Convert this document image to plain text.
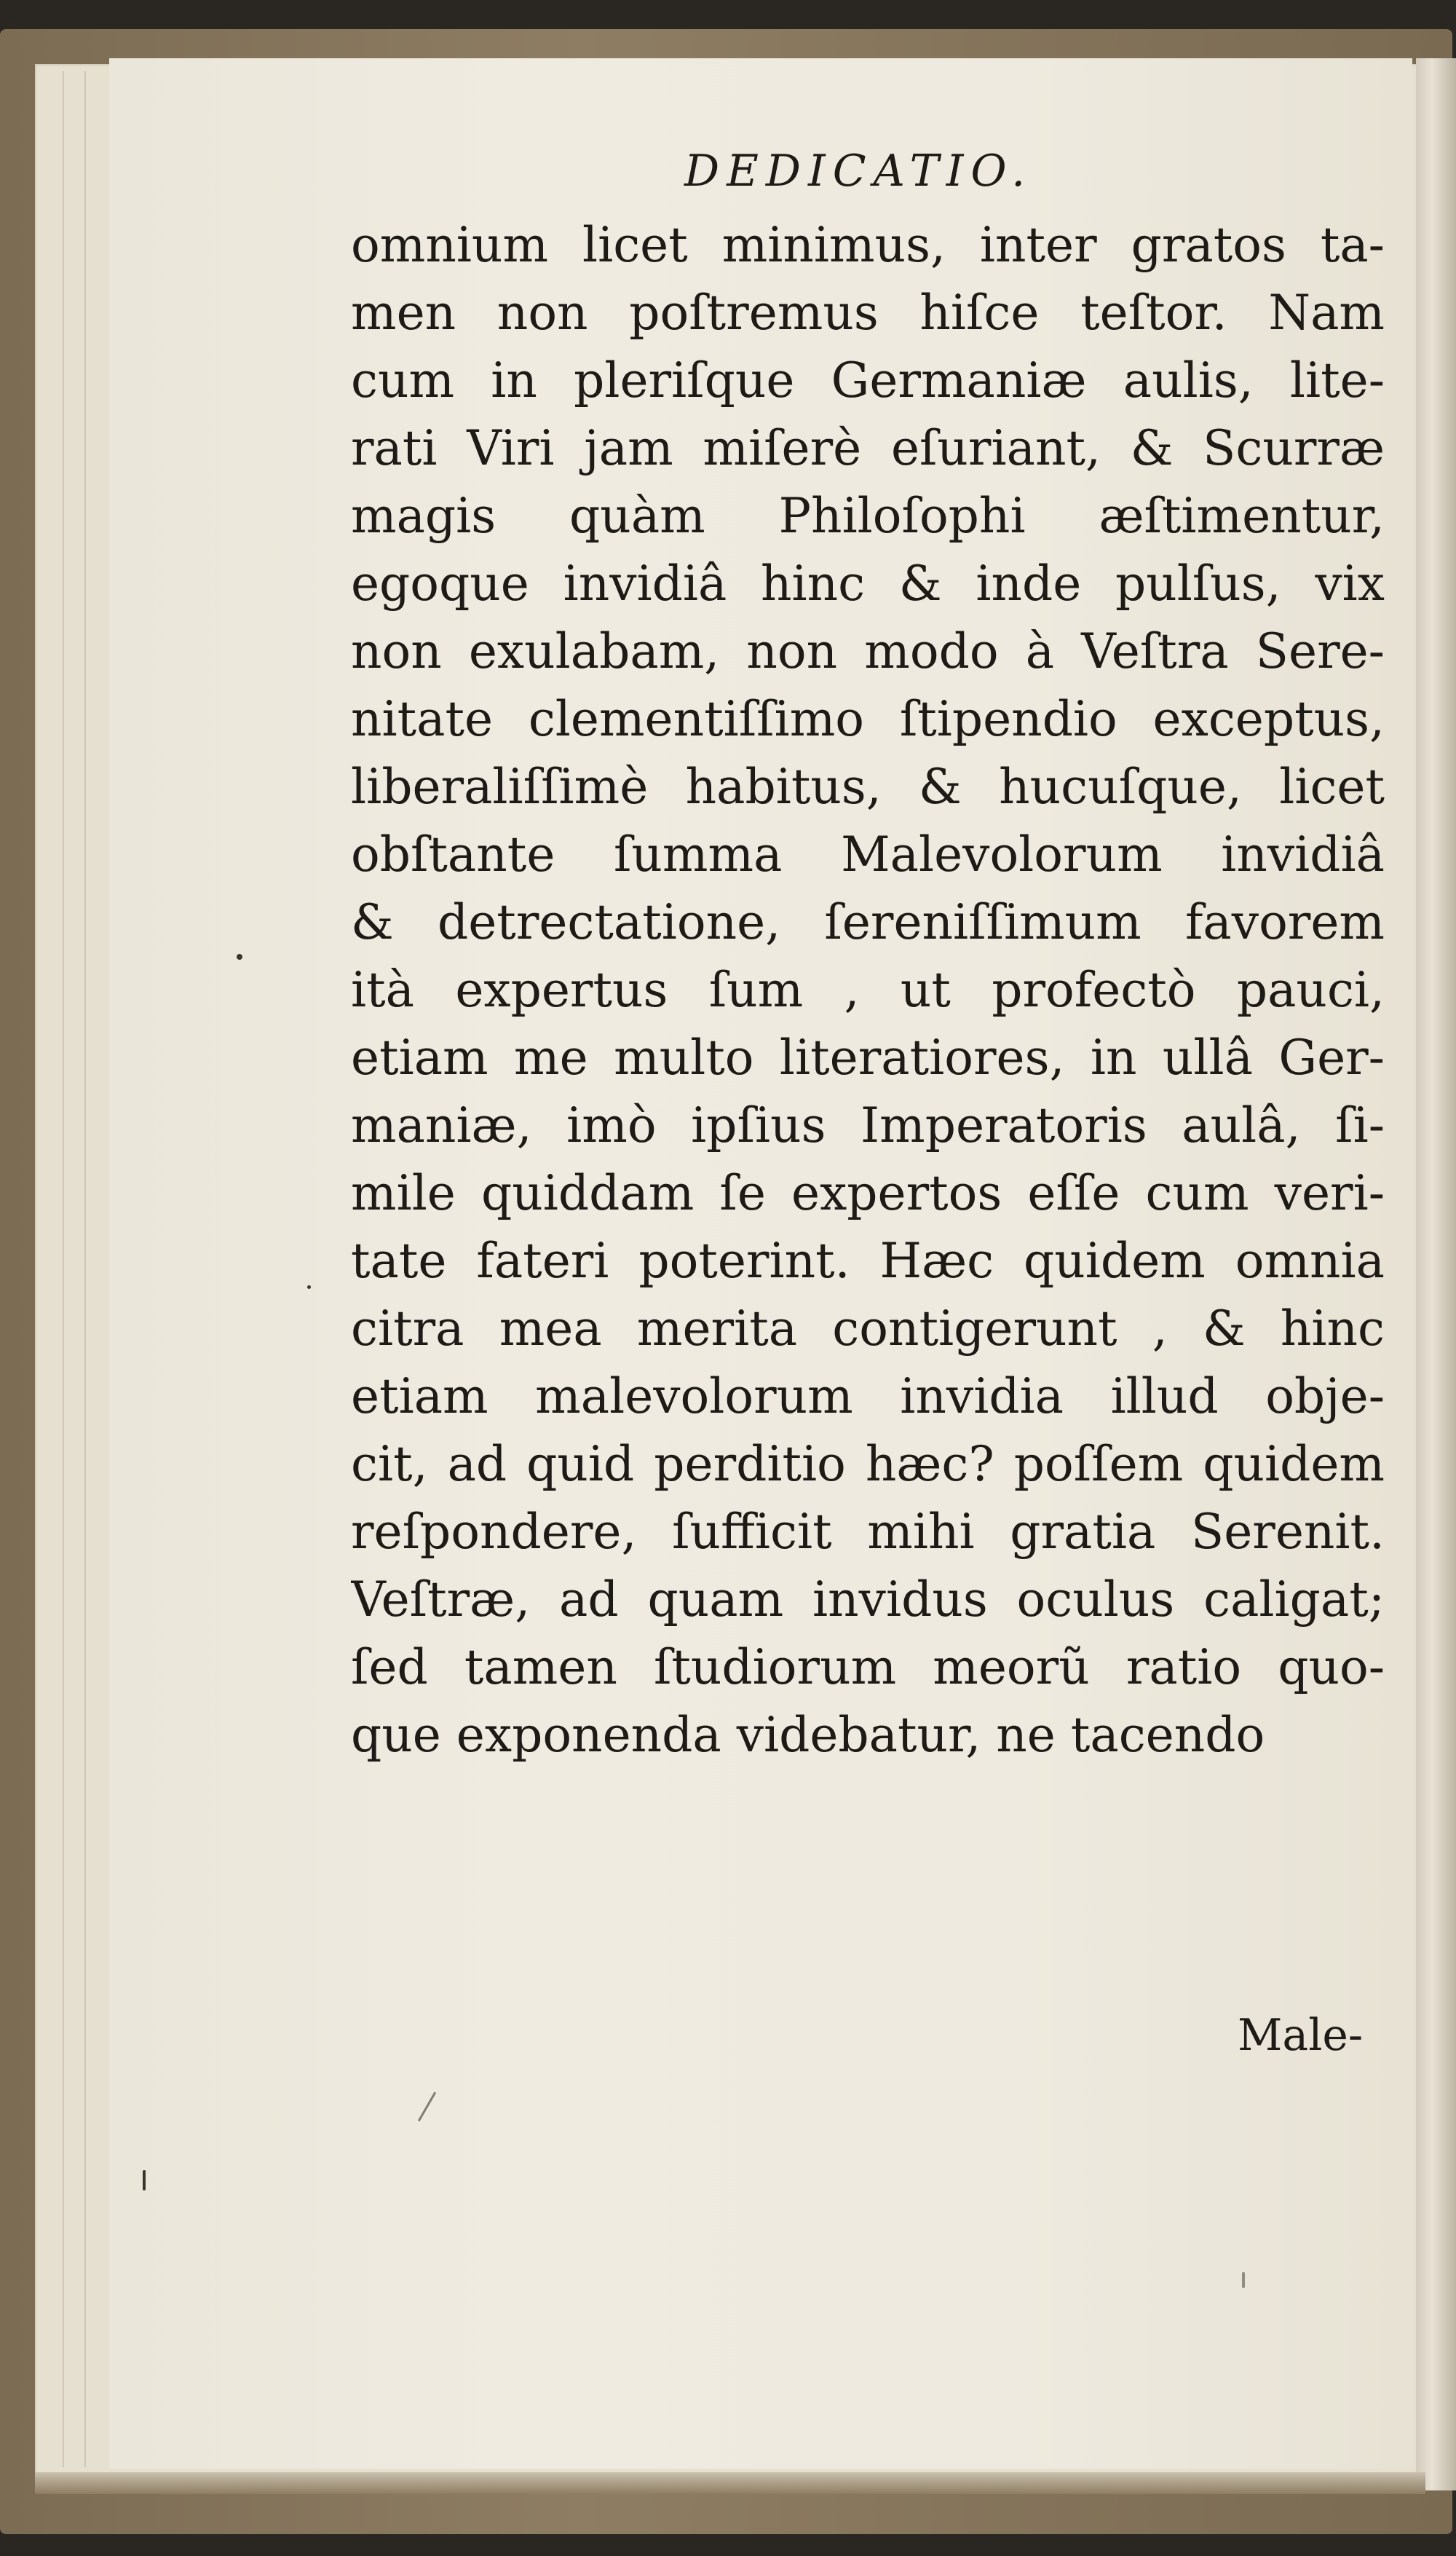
DEDICATIO.
omnium licet minimus, inter gratos ta-
men non poſtremus hiſce teſtor. Nam
cum in pleriſque Germaniæ aulis, lite-
rati Viri jam miſerè eſuriant, & Scurræ
magis quàm Philoſophi æſtimentur,
egoque invidiâ hinc & inde pulſus, vix
non exulabam, non modo à Veſtra Sere-
nitate clementiſſimo ſtipendio exceptus,
liberaliſſimè habitus, & hucuſque, licet
obſtante ſumma Malevolorum invidiâ
& detrectatione, ſereniſſimum favorem
ità expertus ſum , ut profectò pauci,
etiam me multo literatiores, in ullâ Ger-
maniæ, imò ipſius Imperatoris aulâ, ſi-
mile quiddam ſe expertos eſſe cum veri-
tate fateri poterint. Hæc quidem omnia
citra mea merita contigerunt , & hinc
etiam malevolorum invidia illud obje-
cit, ad quid perditio hæc? poſſem quidem
reſpondere, ſufficit mihi gratia Serenit.
Veſtræ, ad quam invidus oculus caligat;
ſed tamen ſtudiorum meorũ ratio quo-
que exponenda videbatur, ne tacendo
Male-
